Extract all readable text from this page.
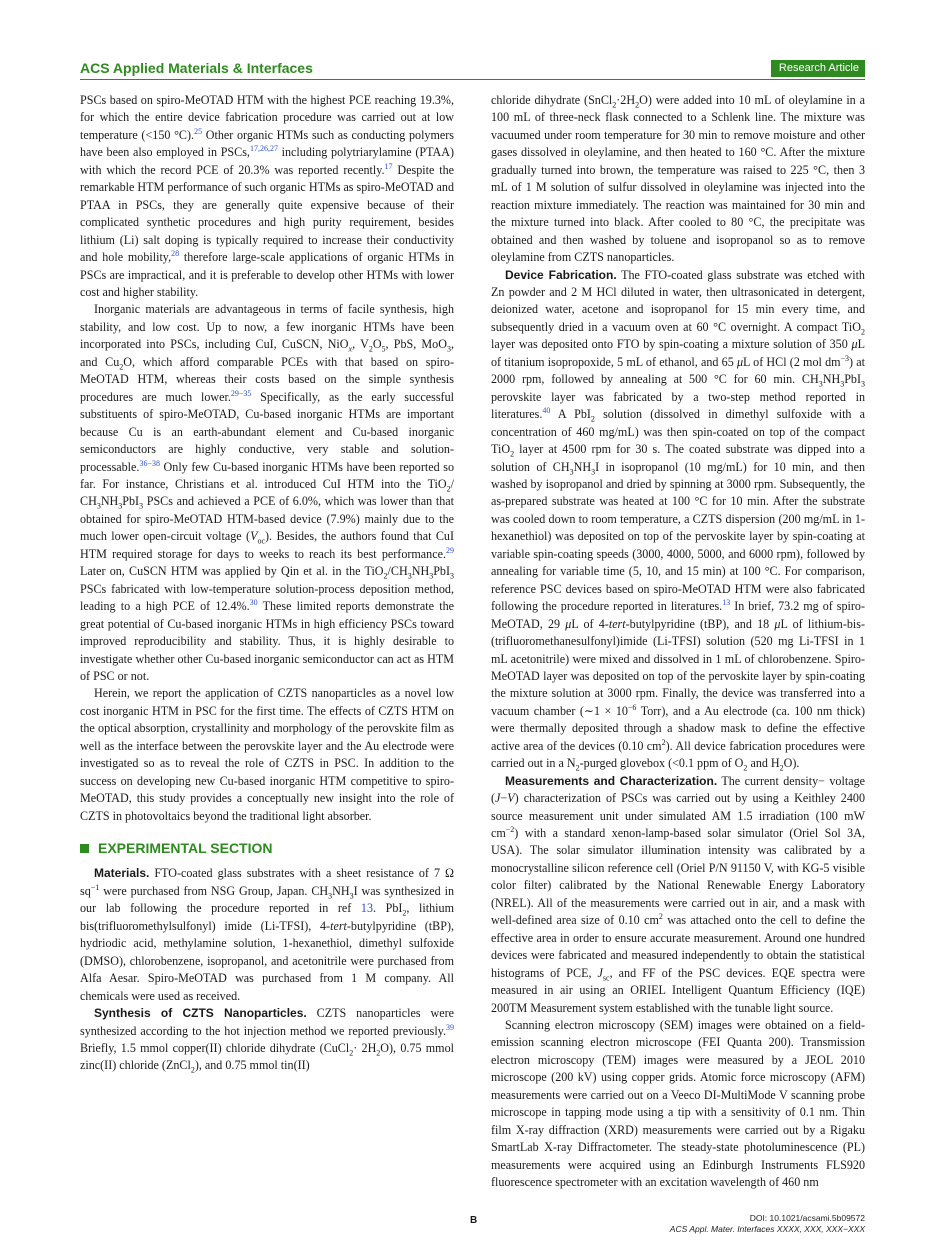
ACS Applied Materials & Interfaces	Research Article

PSCs based on spiro-MeOTAD HTM with the highest PCE reaching 19.3%, for which the entire device fabrication procedure was carried out at low temperature (<150 °C).$^{25}$ Other organic HTMs such as conducting polymers have been also employed in PSCs,$^{17,26,27}$ including polytriarylamine (PTAA) with which the record PCE of 20.3% was reported recently.$^{17}$ Despite the remarkable HTM performance of such organic HTMs as spiro-MeOTAD and PTAA in PSCs, they are generally quite expensive because of their complicated synthetic procedures and high purity requirement, besides lithium (Li) salt doping is typically required to increase their conductivity and hole mobility,$^{28}$ therefore large-scale applications of organic HTMs in PSCs are impractical, and it is preferable to develop other HTMs with lower cost and higher stability.

Inorganic materials are advantageous in terms of facile synthesis, high stability, and low cost. Up to now, a few inorganic HTMs have been incorporated into PSCs, including CuI, CuSCN, NiO$_x$, $V_2O_5$, PbS, MoO$_3$, and $Cu_2O$, which afford comparable PCEs with that based on spiro-MeOTAD HTM, whereas their costs based on the simple synthesis procedures are much lower.$^{29-35}$ Specifically, as the early successful substituents of spiro-MeOTAD, Cu-based inorganic HTMs are important because Cu is an earth-abundant element and Cu-based inorganic semiconductors are highly conductive, very stable and solution-processable.$^{36-38}$ Only few Cu-based inorganic HTMs have been reported so far. For instance, Christians et al. introduced CuI HTM into the TiO$_2$/ $CH_3NH_3PbI_3$ PSCs and achieved a PCE of 6.0%, which was lower than that obtained for spiro-MeOTAD HTM-based device (7.9%) mainly due to the much lower open-circuit voltage $(V_{oc})$. Besides, the authors found that CuI HTM required storage for days to weeks to reach its best performance.$^{29}$ Later on, CuSCN HTM was applied by Qin et al. in the $TiO_2/CH_3NH_3PbI_3$ PSCs fabricated with low-temperature solution-process deposition method, leading to a high PCE of 12.4%.$^{30}$ These limited reports demonstrate the great potential of Cu-based inorganic HTMs in high efficiency PSCs toward improved reproducibility and stability. Thus, it is highly desirable to investigate whether other Cu-based inorganic semiconductor can act as HTM of PSC or not.

Herein, we report the application of CZTS nanoparticles as a novel low cost inorganic HTM in PSC for the first time. The effects of CZTS HTM on the optical absorption, crystallinity and morphology of the perovskite film as well as the interface between the perovskite layer and the Au electrode were investigated so as to reveal the role of CZTS in PSC. In addition to the success on developing new Cu-based inorganic HTM competitive to spiro-MeOTAD, this study provides a conceptually new insight into the role of CZTS in photovoltaics beyond the traditional light absorber.

EXPERIMENTAL SECTION

Materials. FTO-coated glass substrates with a sheet resistance of 7 Ω $sq^{-1}$ were purchased from NSG Group, Japan. $CH_3NH_3I$ was synthesized in our lab following the procedure reported in ref 13. PbI$_2$, lithium bis(trifluoromethylsulfonyl) imide (Li-TFSI), 4-tert-butylpyridine (tBP), hydriodic acid, methylamine solution, 1-hexanethiol, dimethyl sulfoxide (DMSO), chlorobenzene, isopropanol, and acetonitrile were purchased from Alfa Aesar. Spiro-MeOTAD was purchased from 1 M company. All chemicals were used as received.

Synthesis of CZTS Nanoparticles. CZTS nanoparticles were synthesized according to the hot injection method we reported previously.$^{39}$ Briefly, 1.5 mmol copper(II) chloride dihydrate (CuCl$_2$· $2H_2O$), 0.75 mmol zinc(II) chloride (ZnCl$_2$), and 0.75 mmol tin(II)

chloride dihydrate $(SnCl_2\cdot 2H_2O)$ were added into 10 mL of oleylamine in a 100 mL of three-neck flask connected to a Schlenk line. The mixture was vacuumed under room temperature for 30 min to remove moisture and other gases dissolved in oleylamine, and then heated to 160 °C. After the mixture gradually turned into brown, the temperature was raised to 225 °C, then 3 mL of 1 M solution of sulfur dissolved in oleylamine was injected into the reaction mixture immediately. The reaction was maintained for 30 min and the mixture turned into black. After cooled to 80 °C, the precipitate was obtained and then washed by toluene and isopropanol so as to remove oleylamine from CZTS nanoparticles.

Device Fabrication. The FTO-coated glass substrate was etched with Zn powder and 2 M HCl diluted in water, then ultrasonicated in detergent, deionized water, acetone and isopropanol for 15 min every time, and subsequently dried in a vacuum oven at 60 °C overnight. A compact TiO$_2$ layer was deposited onto FTO by spin-coating a mixture solution of 350 μL of titanium isopropoxide, 5 mL of ethanol, and 65 μL of HCl (2 mol $dm^{-3}$) at 2000 rpm, followed by annealing at 500 °C for 60 min. $CH_3NH_3PbI_3$ perovskite layer was fabricated by a two-step method reported in literatures.$^{40}$ A PbI$_2$ solution (dissolved in dimethyl sulfoxide with a concentration of 460 mg/mL) was then spin-coated on top of the compact TiO$_2$ layer at 4500 rpm for 30 s. The coated substrate was dipped into a solution of $CH_3NH_3I$ in isopropanol (10 mg/mL) for 10 min, and then washed by isopropanol and dried by spinning at 3000 rpm. Subsequently, the as-prepared substrate was heated at 100 °C for 10 min. After the substrate was cooled down to room temperature, a CZTS dispersion (200 mg/mL in 1-hexanethiol) was deposited on top of the pervoskite layer by spin-coating at variable spin-coating speeds (3000, 4000, 5000, and 6000 rpm), followed by annealing for variable time (5, 10, and 15 min) at 100 °C. For comparison, reference PSC devices based on spiro-MeOTAD HTM were also fabricated following the procedure reported in literatures.$^{13}$ In brief, 73.2 mg of spiro-MeOTAD, 29 μL of 4-tert-butylpyridine (tBP), and 18 μL of lithium-bis-(trifluoromethanesulfonyl)imide (Li-TFSI) solution (520 mg Li-TFSI in 1 mL acetonitrile) were mixed and dissolved in 1 mL of chlorobenzene. Spiro-MeOTAD layer was deposited on top of the pervoskite layer by spin-coating the mixture solution at 3000 rpm. Finally, the device was transferred into a vacuum chamber (∼1 × $10^{-6}$ Torr), and a Au electrode (ca. 100 nm thick) were thermally deposited through a shadow mask to define the effective active area of the devices (0.10 $cm^2$). All device fabrication procedures were carried out in a $N_2$-purged glovebox (<0.1 ppm of $O_2$ and $H_2O$).

Measurements and Characterization. The current density− voltage (J−V) characterization of PSCs was carried out by using a Keithley 2400 source measurement unit under simulated AM 1.5 irradiation (100 mW $cm^{-2}$) with a standard xenon-lamp-based solar simulator (Oriel Sol 3A, USA). The solar simulator illumination intensity was calibrated by a monocrystalline silicon reference cell (Oriel P/N 91150 V, with KG-5 visible color filter) calibrated by the National Renewable Energy Laboratory (NREL). All of the measurements were carried out in air, and a mask with well-defined area size of 0.10 $cm^2$ was attached onto the cell to define the effective area in order to ensure accurate measurement. Around one hundred devices were fabricated and measured independently to obtain the statistical histograms of PCE, $J_{sc}$, and FF of the PSC devices. EQE spectra were measured in air using an ORIEL Intelligent Quantum Efficiency (IQE) 200TM Measurement system established with the tunable light source.

Scanning electron microscopy (SEM) images were obtained on a field-emission scanning electron microscope (FEI Quanta 200). Transmission electron microscopy (TEM) images were measured by a JEOL 2010 microscope (200 kV) using copper grids. Atomic force microscopy (AFM) measurements were carried out on a Veeco DI-MultiMode V scanning probe microscope in tapping mode using a tip with a sensitivity of 0.1 nm. Thin film X-ray diffraction (XRD) measurements were carried out by a Rigaku SmartLab X-ray Diffractometer. The steady-state photoluminescence (PL) measurements were acquired using an Edinburgh Instruments FLS920 fluorescence spectrometer with an excitation wavelength of 460 nm

B	DOI: 10.1021/acsami.5b09572
ACS Appl. Mater. Interfaces XXXX, XXX, XXX−XXX
